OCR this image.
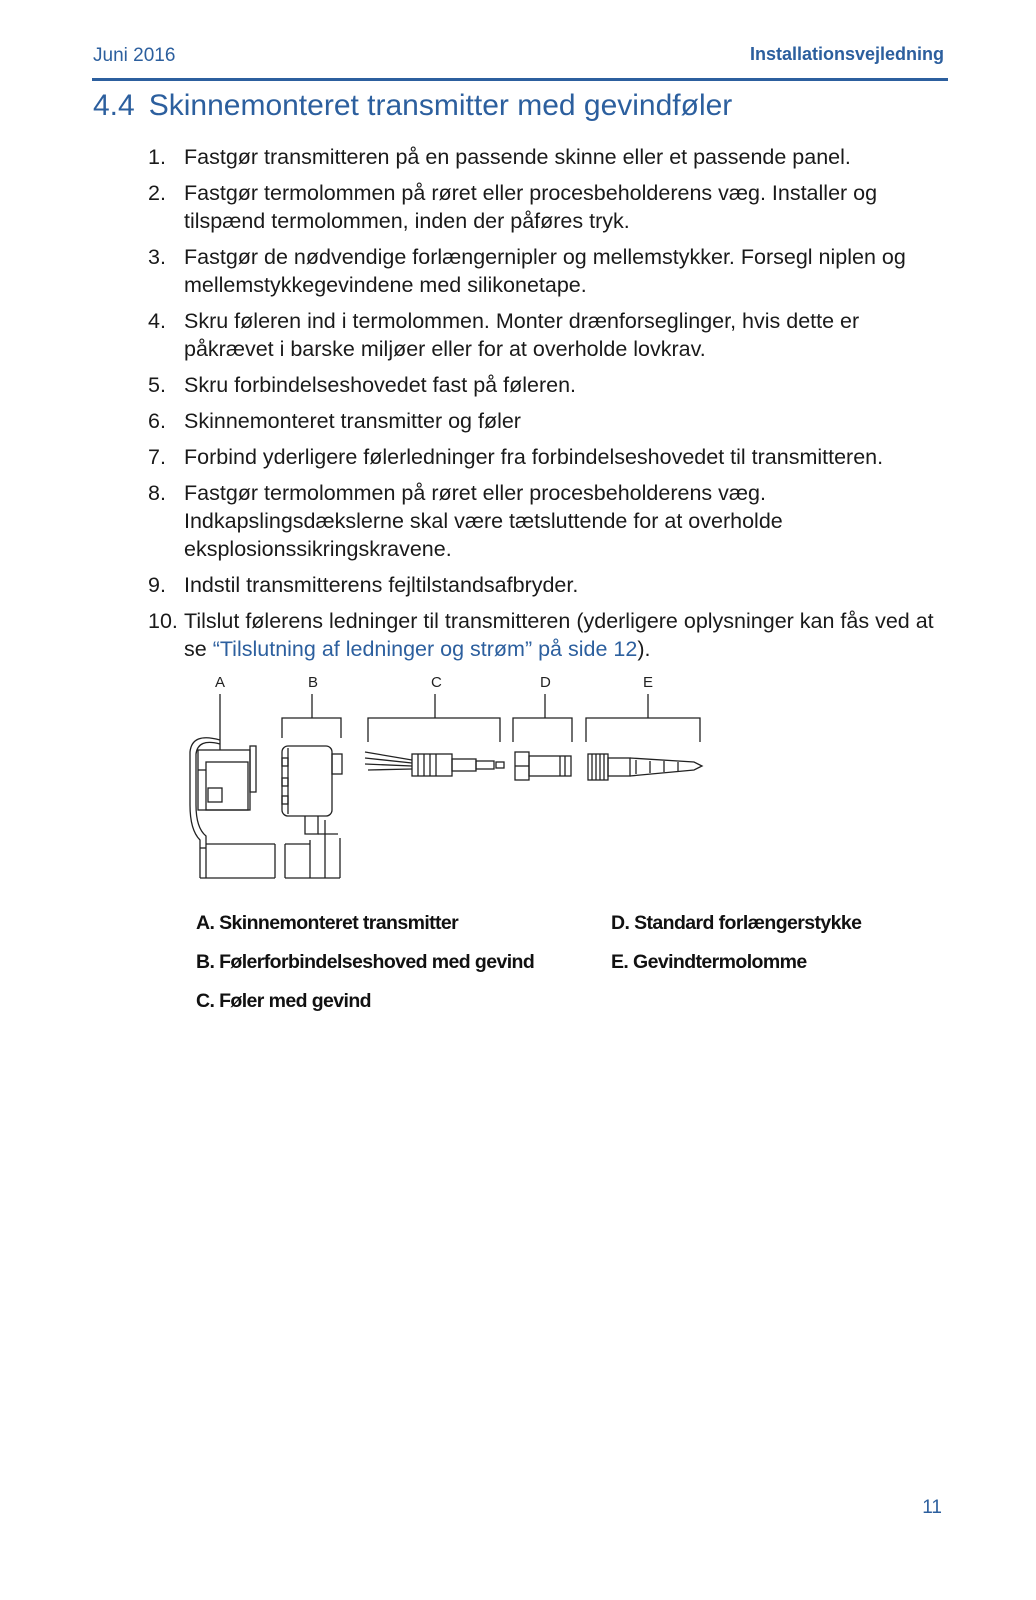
Juni 2016	Installationsvejledning
4.4 Skinnemonteret transmitter med gevindføler
1. Fastgør transmitteren på en passende skinne eller et passende panel.
2. Fastgør termolommen på røret eller procesbeholderens væg. Installer og tilspænd termolommen, inden der påføres tryk.
3. Fastgør de nødvendige forlængernipler og mellemstykker. Forsegl niplen og mellemstykkegevindene med silikonetape.
4. Skru føleren ind i termolommen. Monter drænforseglinger, hvis dette er påkrævet i barske miljøer eller for at overholde lovkrav.
5. Skru forbindelseshovedet fast på føleren.
6. Skinnemonteret transmitter og føler
7. Forbind yderligere følerledninger fra forbindelseshovedet til transmitteren.
8. Fastgør termolommen på røret eller procesbeholderens væg. Indkapslingsdækslerne skal være tætsluttende for at overholde eksplosionssikringskravene.
9. Indstil transmitterens fejltilstandsafbryder.
10. Tilslut følerens ledninger til transmitteren (yderligere oplysninger kan fås ved at se “Tilslutning af ledninger og strøm” på side 12).
A	B	C	D	E
A. Skinnemonteret transmitter
B. Følerforbindelseshoved med gevind
C. Føler med gevind
D. Standard forlængerstykke
E. Gevindtermolomme
11
